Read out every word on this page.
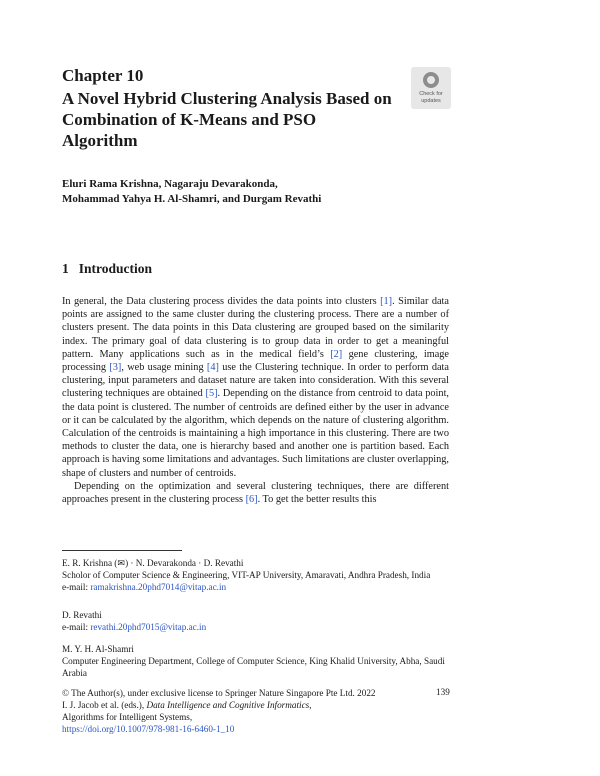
Chapter 10
A Novel Hybrid Clustering Analysis Based on Combination of K-Means and PSO Algorithm
Check for
updates
Eluri Rama Krishna, Nagaraju Devarakonda,
Mohammad Yahya H. Al-Shamri, and Durgam Revathi
1 Introduction

In general, the Data clustering process divides the data points into clusters [1]. Similar data points are assigned to the same cluster during the clustering process. There are a number of clusters present. The data points in this Data clustering are grouped based on the similarity index. The primary goal of data clustering is to group data in order to get a meaningful pattern. Many applications such as in the medical field’s [2] gene clustering, image processing [3], web usage mining [4] use the Clustering technique. In order to perform data clustering, input parameters and dataset nature are taken into consideration. With this several clustering techniques are obtained [5]. Depending on the distance from centroid to data point, the data point is clustered. The number of centroids are defined either by the user in advance or it can be calculated by the algorithm, which depends on the nature of clustering algorithm. Calculation of the centroids is maintaining a high importance in this clustering. There are two methods to cluster the data, one is hierarchy based and another one is partition based. Each approach is having some limitations and advantages. Such limitations are cluster overlapping, shape of clusters and number of centroids.

Depending on the optimization and several clustering techniques, there are different approaches present in the clustering process [6]. To get the better results this

E. R. Krishna (✉) · N. Devarakonda · D. Revathi
Scholor of Computer Science & Engineering, VIT-AP University, Amaravati, Andhra Pradesh, India
e-mail: ramakrishna.20phd7014@vitap.ac.in
D. Revathi
e-mail: revathi.20phd7015@vitap.ac.in
M. Y. H. Al-Shamri
Computer Engineering Department, College of Computer Science, King Khalid University, Abha, Saudi Arabia
© The Author(s), under exclusive license to Springer Nature Singapore Pte Ltd. 2022
I. J. Jacob et al. (eds.), Data Intelligence and Cognitive Informatics,
Algorithms for Intelligent Systems,
https://doi.org/10.1007/978-981-16-6460-1_10
139
